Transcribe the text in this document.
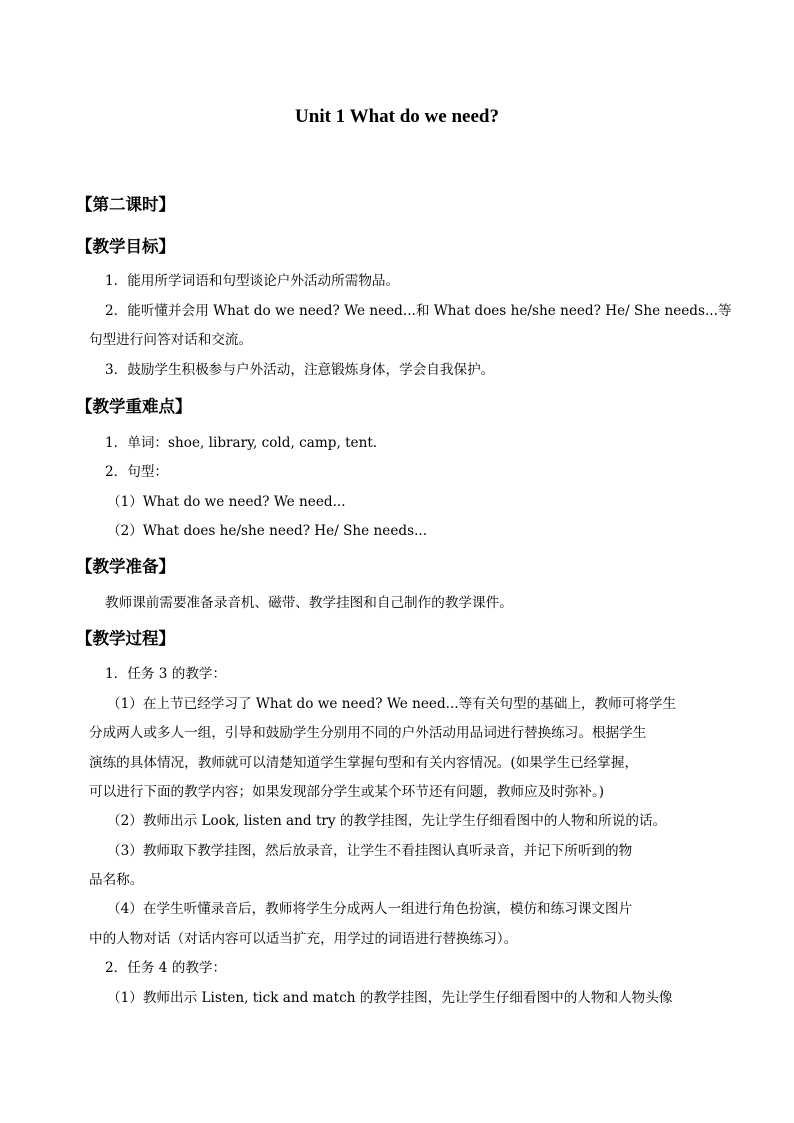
Unit 1 What do we need?
【第二课时】
【教学目标】
1．能用所学词语和句型谈论户外活动所需物品。
2．能听懂并会用 What do we need? We need...和 What does he/she need? He/ She needs...等
句型进行问答对话和交流。
3．鼓励学生积极参与户外活动，注意锻炼身体，学会自我保护。
【教学重难点】
1．单词：shoe, library, cold, camp, tent.
2．句型：
（1）What do we need? We need...
（2）What does he/she need? He/ She needs...
【教学准备】
教师课前需要准备录音机、磁带、教学挂图和自己制作的教学课件。
【教学过程】
1．任务 3 的教学：
（1）在上节已经学习了 What do we need? We need...等有关句型的基础上，教师可将学生
分成两人或多人一组，引导和鼓励学生分别用不同的户外活动用品词进行替换练习。根据学生
演练的具体情况，教师就可以清楚知道学生掌握句型和有关内容情况。(如果学生已经掌握，
可以进行下面的教学内容；如果发现部分学生或某个环节还有问题，教师应及时弥补。)
（2）教师出示 Look, listen and try 的教学挂图，先让学生仔细看图中的人物和所说的话。
（3）教师取下教学挂图，然后放录音，让学生不看挂图认真听录音，并记下所听到的物
品名称。
（4）在学生听懂录音后，教师将学生分成两人一组进行角色扮演，模仿和练习课文图片
中的人物对话（对话内容可以适当扩充，用学过的词语进行替换练习）。
2．任务 4 的教学：
（1）教师出示 Listen, tick and match 的教学挂图，先让学生仔细看图中的人物和人物头像
